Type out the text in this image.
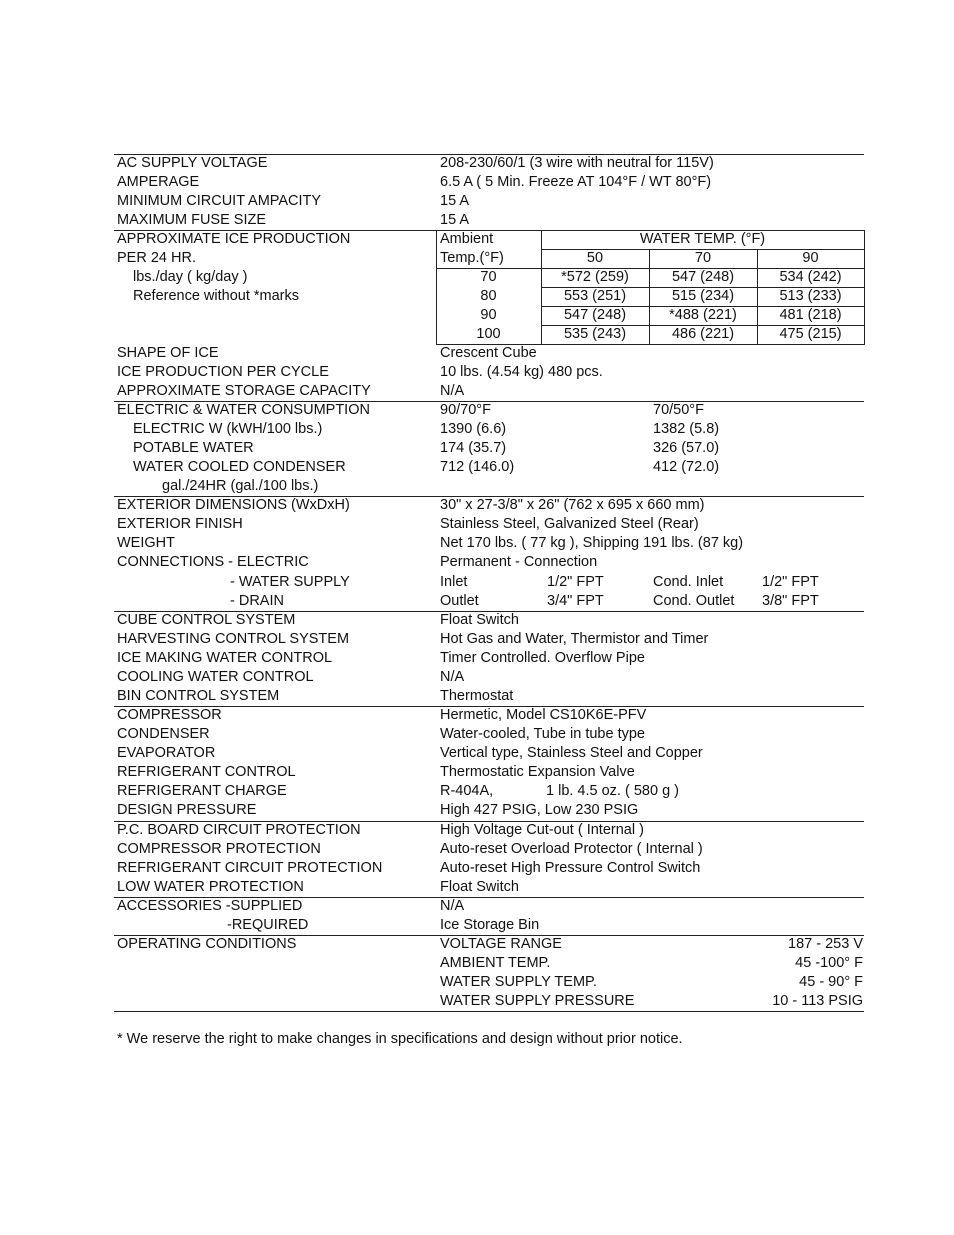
AC SUPPLY VOLTAGE	208-230/60/1 (3 wire with neutral for 115V)
AMPERAGE	6.5 A ( 5 Min. Freeze AT 104°F / WT 80°F)
MINIMUM CIRCUIT AMPACITY	15 A
MAXIMUM FUSE SIZE	15 A
APPROXIMATE ICE PRODUCTION
PER 24 HR.
lbs./day ( kg/day )
Reference without *marks
Ambient
Temp.(°F)
WATER TEMP. (°F)
50	70	90
70	*572 (259)	547 (248)	534 (242)
80	553 (251)	515 (234)	513 (233)
90	547 (248)	*488 (221)	481 (218)
100	535 (243)	486 (221)	475 (215)
SHAPE OF ICE	Crescent Cube
ICE PRODUCTION PER CYCLE	10 lbs. (4.54 kg) 480 pcs.
APPROXIMATE STORAGE CAPACITY	N/A
ELECTRIC & WATER CONSUMPTION	90/70°F	70/50°F
ELECTRIC W (kWH/100 lbs.)	1390 (6.6)	1382 (5.8)
POTABLE WATER	174 (35.7)	326 (57.0)
WATER COOLED CONDENSER	712 (146.0)	412 (72.0)
gal./24HR (gal./100 lbs.)
EXTERIOR DIMENSIONS (WxDxH)	30" x 27-3/8" x 26" (762 x 695 x 660 mm)
EXTERIOR FINISH	Stainless Steel, Galvanized Steel (Rear)
WEIGHT	Net 170 lbs. ( 77 kg ), Shipping 191 lbs. (87 kg)
CONNECTIONS - ELECTRIC	Permanent - Connection
- WATER SUPPLY	Inlet	1/2" FPT	Cond. Inlet	1/2" FPT
- DRAIN	Outlet	3/4" FPT	Cond. Outlet 3/8" FPT
CUBE CONTROL SYSTEM	Float Switch
HARVESTING CONTROL SYSTEM	Hot Gas and Water, Thermistor and Timer
ICE MAKING WATER CONTROL	Timer Controlled. Overflow Pipe
COOLING WATER CONTROL	N/A
BIN CONTROL SYSTEM	Thermostat
COMPRESSOR	Hermetic, Model CS10K6E-PFV
CONDENSER	Water-cooled, Tube in tube type
EVAPORATOR	Vertical type, Stainless Steel and Copper
REFRIGERANT CONTROL	Thermostatic Expansion Valve
REFRIGERANT CHARGE	R-404A,	1 lb. 4.5 oz. ( 580 g )
DESIGN PRESSURE	High 427 PSIG, Low 230 PSIG
P.C. BOARD CIRCUIT PROTECTION	High Voltage Cut-out ( Internal )
COMPRESSOR PROTECTION	Auto-reset Overload Protector ( Internal )
REFRIGERANT CIRCUIT PROTECTION	Auto-reset High Pressure Control Switch
LOW WATER PROTECTION	Float Switch
ACCESSORIES -SUPPLIED	N/A
-REQUIRED	Ice Storage Bin
OPERATING CONDITIONS	VOLTAGE RANGE	187 - 253 V
AMBIENT TEMP.	45 -100° F
WATER SUPPLY TEMP.	45 - 90° F
WATER SUPPLY PRESSURE	10 - 113 PSIG
* We reserve the right to make changes in specifications and design without prior notice.
